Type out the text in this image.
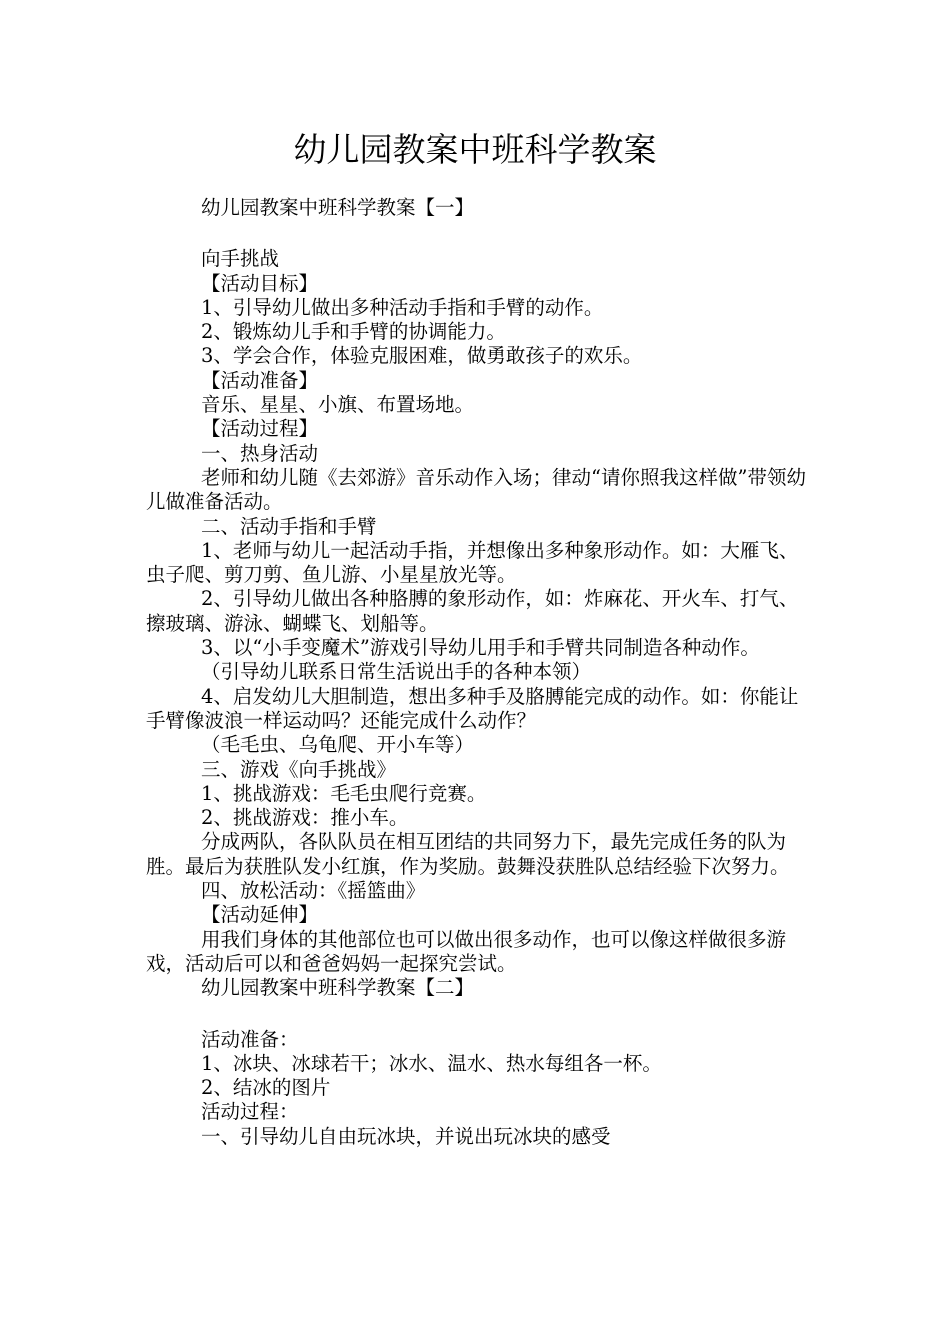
幼儿园教案中班科学教案

幼儿园教案中班科学教案【一】

向手挑战

【活动目标】

1、引导幼儿做出多种活动手指和手臂的动作。

2、锻炼幼儿手和手臂的协调能力。

3、学会合作，体验克服困难，做勇敢孩子的欢乐。

【活动准备】

音乐、星星、小旗、布置场地。

【活动过程】

一、热身活动

老师和幼儿随《去郊游》音乐动作入场；律动“请你照我这样做”带领幼儿做准备活动。

二、活动手指和手臂

1、老师与幼儿一起活动手指，并想像出多种象形动作。如：大雁飞、虫子爬、剪刀剪、鱼儿游、小星星放光等。

2、引导幼儿做出各种胳膊的象形动作，如：炸麻花、开火车、打气、擦玻璃、游泳、蝴蝶飞、划船等。

3、以“小手变魔术”游戏引导幼儿用手和手臂共同制造各种动作。

（引导幼儿联系日常生活说出手的各种本领）

4、启发幼儿大胆制造，想出多种手及胳膊能完成的动作。如：你能让手臂像波浪一样运动吗？还能完成什么动作？

（毛毛虫、乌龟爬、开小车等）

三、游戏《向手挑战》

1、挑战游戏：毛毛虫爬行竞赛。

2、挑战游戏：推小车。

分成两队，各队队员在相互团结的共同努力下，最先完成任务的队为胜。最后为获胜队发小红旗，作为奖励。鼓舞没获胜队总结经验下次努力。

四、放松活动：《摇篮曲》

【活动延伸】

用我们身体的其他部位也可以做出很多动作，也可以像这样做很多游戏，活动后可以和爸爸妈妈一起探究尝试。

幼儿园教案中班科学教案【二】

活动准备：

1、冰块、冰球若干；冰水、温水、热水每组各一杯。

2、结冰的图片

活动过程：

一、引导幼儿自由玩冰块，并说出玩冰块的感受
